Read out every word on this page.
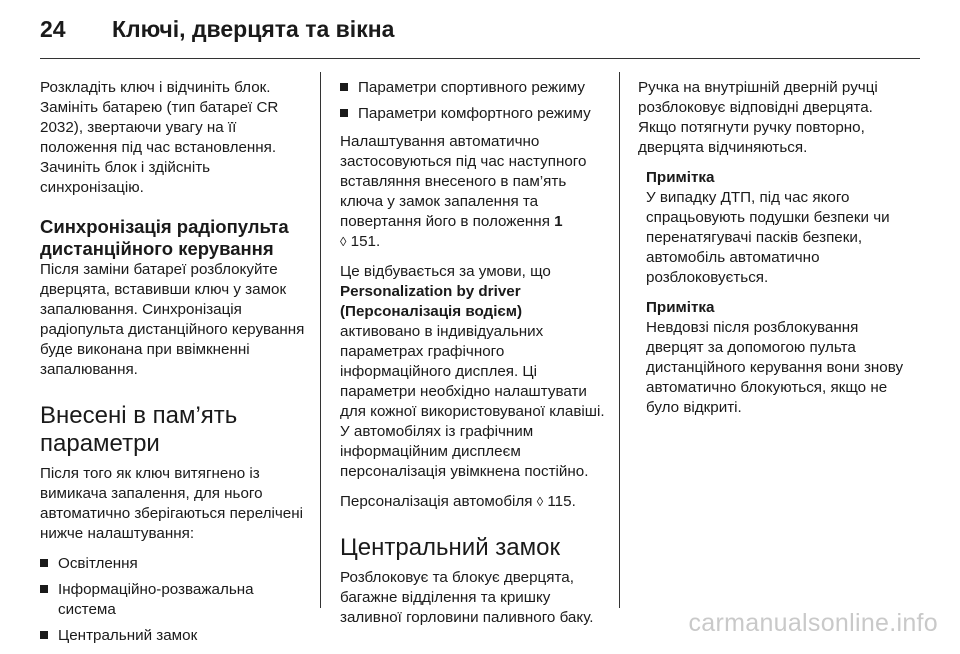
24 Ключі, дверцята та вікна

Розкладіть ключ і відчиніть блок. Замініть батарею (тип батареї CR 2032), звертаючи увагу на її положення під час встановлення. Зачиніть блок і здійсніть синхронізацію.

Синхронізація радіопульта дистанційного керування

Після заміни батареї розблокуйте дверцята, вставивши ключ у замок запалювання. Синхронізація радіопульта дистанційного керування буде виконана при ввімкненні запалювання.

Внесені в пам’ять параметри

Після того як ключ витягнено із вимикача запалення, для нього автоматично зберігаються перелічені нижче налаштування:

Освітлення
Інформаційно-розважальна система
Центральний замок
Параметри спортивного режиму
Параметри комфортного режиму

Налаштування автоматично застосовуються під час наступного вставляння внесеного в пам’ять ключа у замок запалення та повертання його в положення 1
◊ 151.

Це відбувається за умови, що Personalization by driver (Персоналізація водієм) активовано в індивідуальних параметрах графічного інформаційного дисплея. Ці параметри необхідно налаштувати для кожної використовуваної клавіші. У автомобілях із графічним інформаційним дисплеєм персоналізація увімкнена постійно.

Персоналізація автомобіля ◊ 115.

Центральний замок

Розблоковує та блокує дверцята, багажне відділення та кришку заливної горловини паливного баку.

Ручка на внутрішній дверній ручці розблоковує відповідні дверцята. Якщо потягнути ручку повторно, дверцята відчиняються.

Примітка
У випадку ДТП, під час якого спрацьовують подушки безпеки чи перенатягувачі пасків безпеки, автомобіль автоматично розблоковується.
Примітка
Невдовзі після розблокування дверцят за допомогою пульта дистанційного керування вони знову автоматично блокуються, якщо не було відкриті.
carmanualsonline.info
